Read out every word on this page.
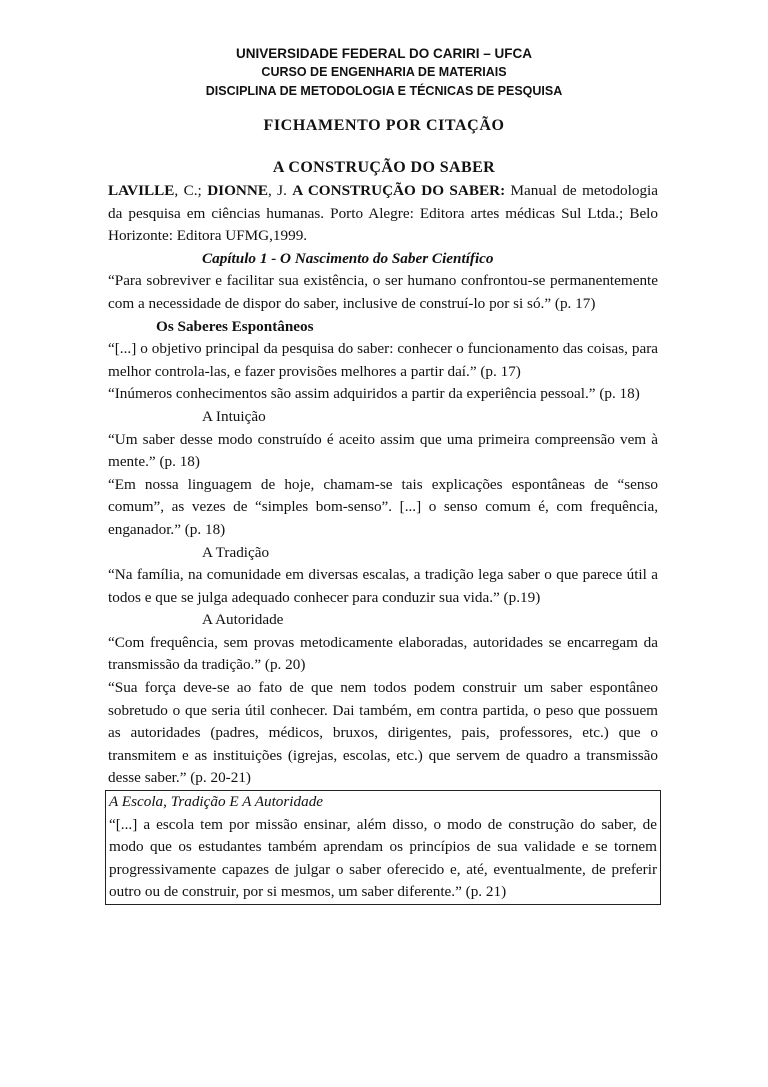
UNIVERSIDADE FEDERAL DO CARIRI – UFCA
CURSO DE ENGENHARIA DE MATERIAIS
DISCIPLINA DE METODOLOGIA E TÉCNICAS DE PESQUISA
FICHAMENTO POR CITAÇÃO
A CONSTRUÇÃO DO SABER
LAVILLE, C.; DIONNE, J. A CONSTRUÇÃO DO SABER: Manual de metodologia da pesquisa em ciências humanas. Porto Alegre: Editora artes médicas Sul Ltda.; Belo Horizonte: Editora UFMG,1999.
Capítulo 1 - O Nascimento do Saber Científico
“Para sobreviver e facilitar sua existência, o ser humano confrontou-se permanentemente com a necessidade de dispor do saber, inclusive de construí-lo por si só.” (p. 17)
Os Saberes Espontâneos
“[...] o objetivo principal da pesquisa do saber: conhecer o funcionamento das coisas, para melhor controla-las, e fazer provisões melhores a partir daí.” (p. 17)
“Inúmeros conhecimentos são assim adquiridos a partir da experiência pessoal.” (p. 18)
A Intuição
“Um saber desse modo construído é aceito assim que uma primeira compreensão vem à mente.” (p. 18)
“Em nossa linguagem de hoje, chamam-se tais explicações espontâneas de “senso comum”, as vezes de “simples bom-senso”. [...] o senso comum é, com frequência, enganador.” (p. 18)
A Tradição
“Na família, na comunidade em diversas escalas, a tradição lega saber o que parece útil a todos e que se julga adequado conhecer para conduzir sua vida.” (p.19)
A Autoridade
“Com frequência, sem provas metodicamente elaboradas, autoridades se encarregam da transmissão da tradição.” (p. 20)
“Sua força deve-se ao fato de que nem todos podem construir um saber espontâneo sobretudo o que seria útil conhecer. Dai também, em contra partida, o peso que possuem as autoridades (padres, médicos, bruxos, dirigentes, pais, professores, etc.) que o transmitem e as instituições (igrejas, escolas, etc.) que servem de quadro a transmissão desse saber.” (p. 20-21)
A Escola, Tradição E A Autoridade
“[...] a escola tem por missão ensinar, além disso, o modo de construção do saber, de modo que os estudantes também aprendam os princípios de sua validade e se tornem progressivamente capazes de julgar o saber oferecido e, até, eventualmente, de preferir outro ou de construir, por si mesmos, um saber diferente.” (p. 21)
